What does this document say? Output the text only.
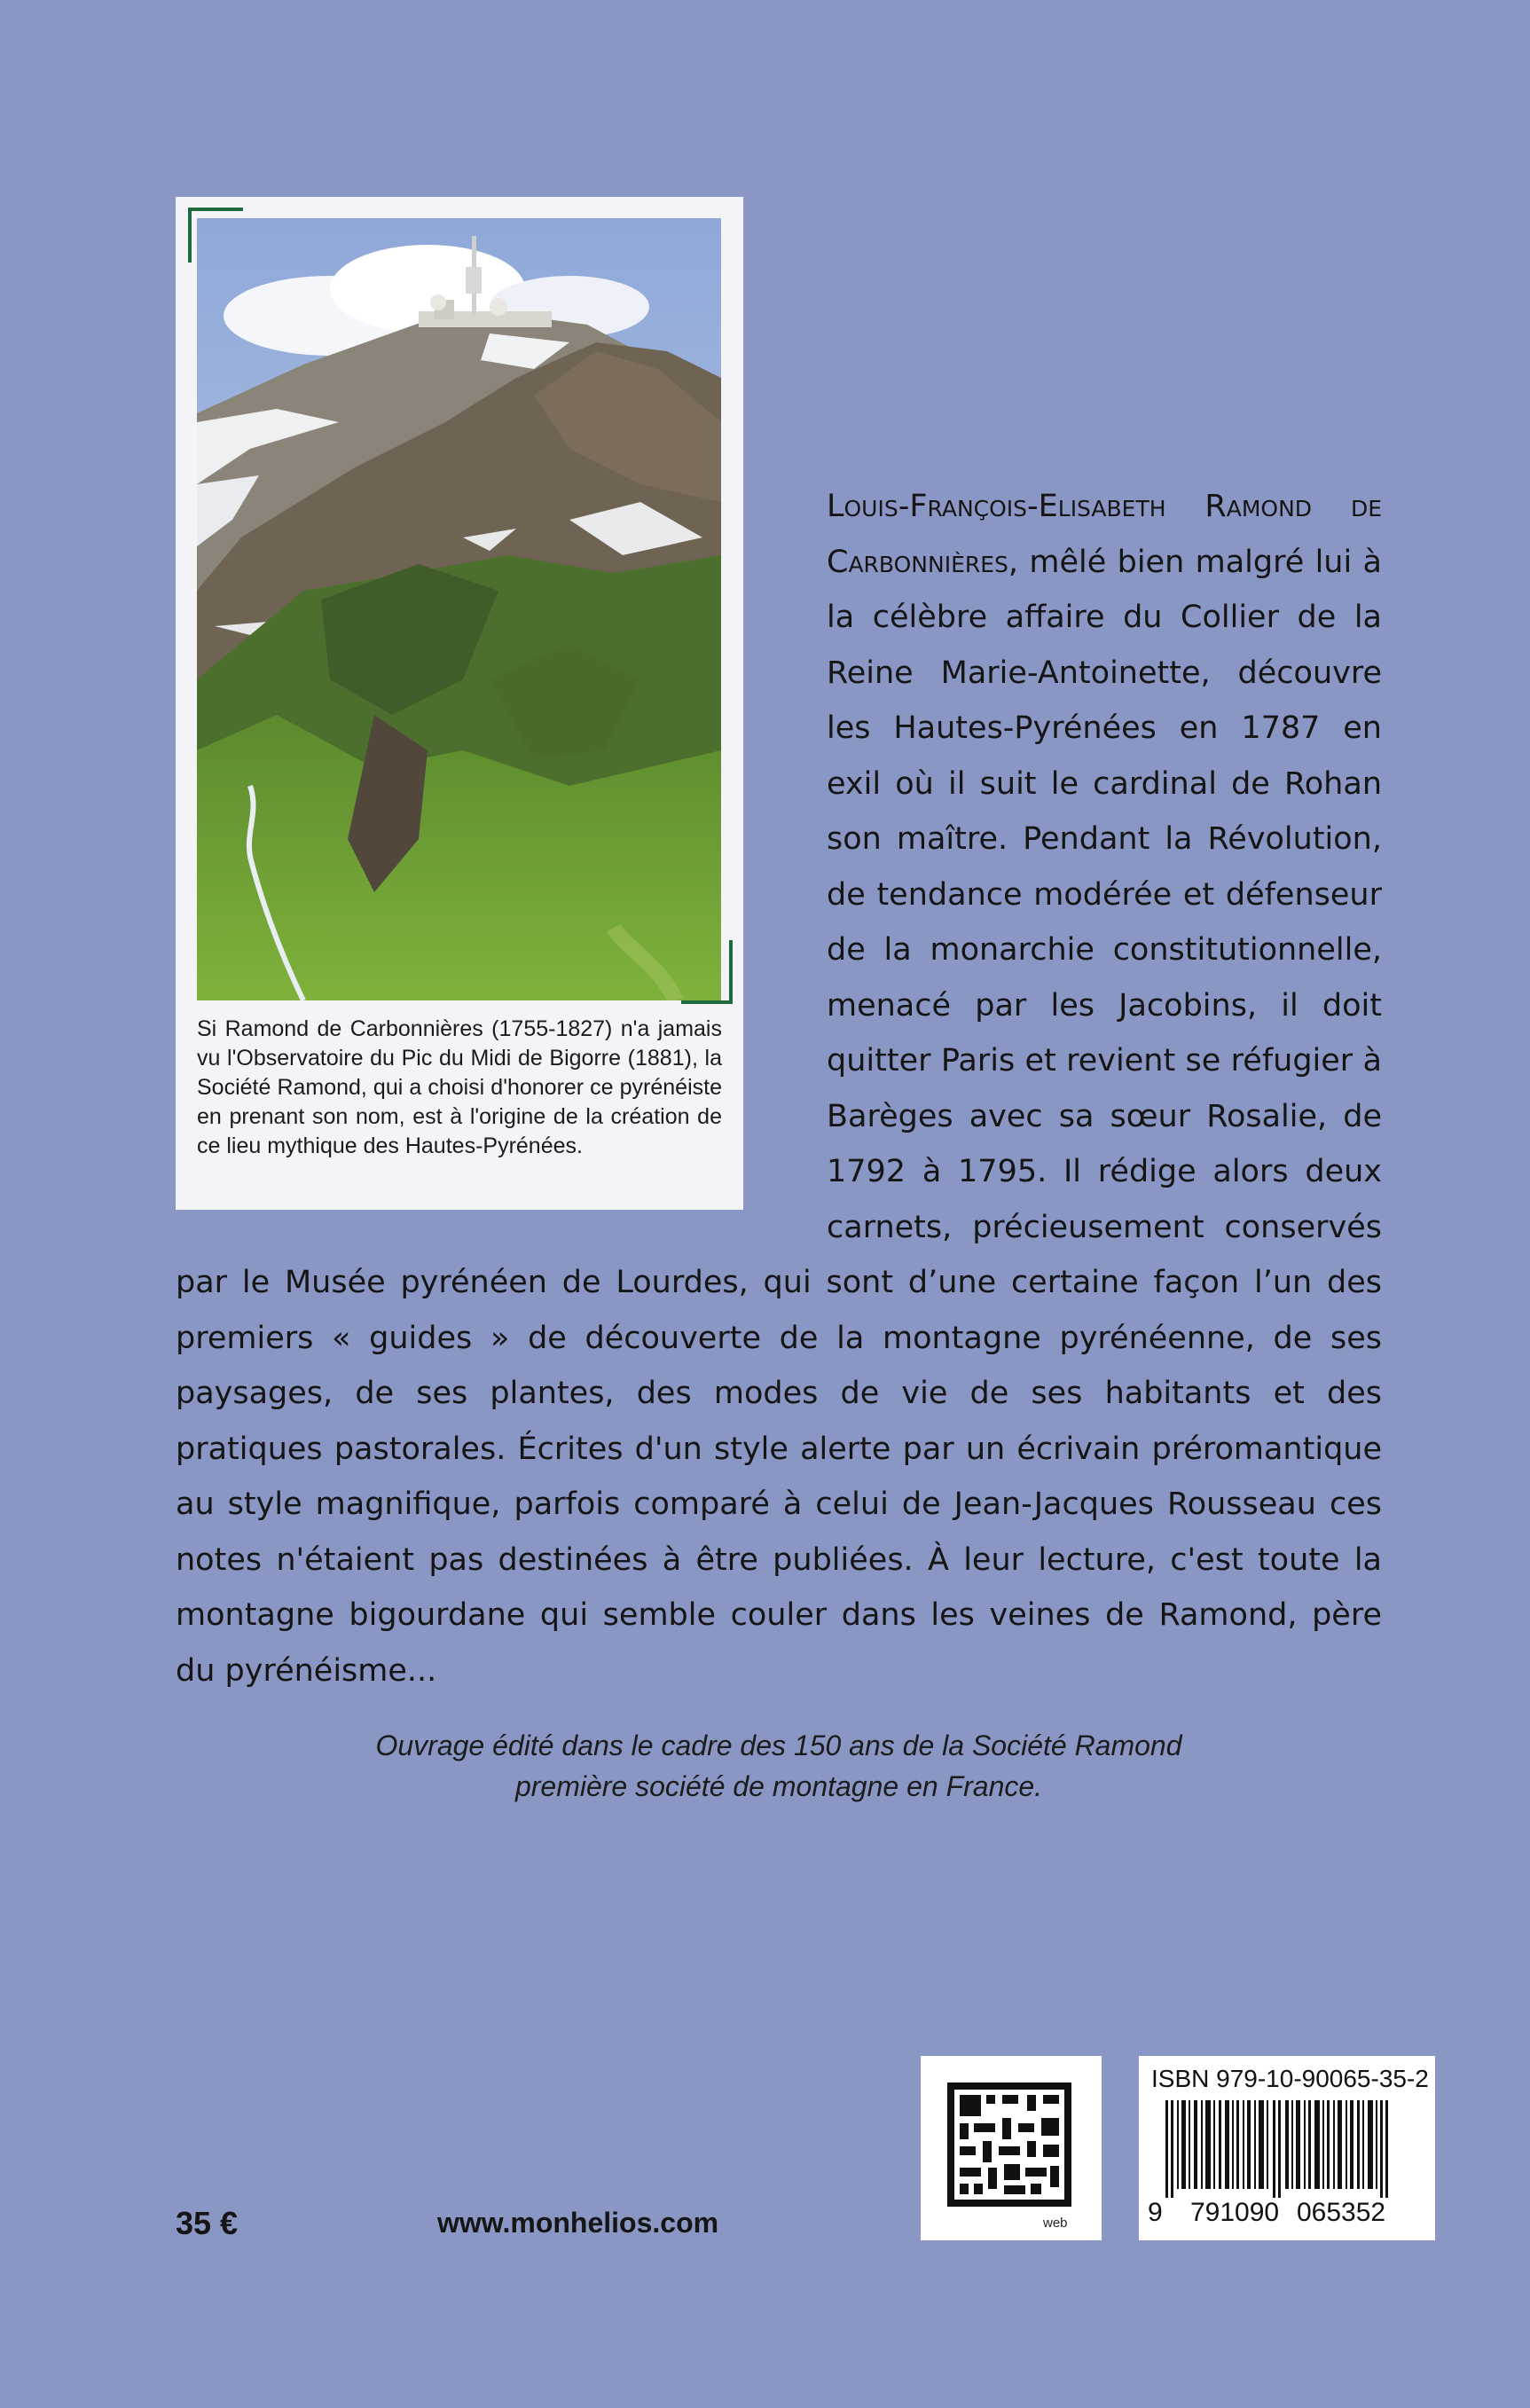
Si Ramond de Carbonnières (1755-1827) n'a jamais vu l'Observatoire du Pic du Midi de Bigorre (1881), la Société Ramond, qui a choisi d'honorer ce pyrénéiste en prenant son nom, est à l'origine de la création de ce lieu mythique des Hautes-Pyrénées.

Louis-François-Elisabeth Ramond de Carbonnières, mêlé bien malgré lui à la célèbre affaire du Collier de la Reine Marie-Antoinette, découvre les Hautes-Pyrénées en 1787 en exil où il suit le cardinal de Rohan son maître. Pendant la Révolution, de tendance modérée et défenseur de la monarchie constitutionnelle, menacé par les Jacobins, il doit quitter Paris et revient se réfugier à Barèges avec sa sœur Rosalie, de 1792 à 1795. Il rédige alors deux carnets, précieusement conservés par le Musée pyrénéen de Lourdes, qui sont d’une certaine façon l’un des premiers « guides » de découverte de la montagne pyrénéenne, de ses paysages, de ses plantes, des modes de vie de ses habitants et des pratiques pastorales. Écrites d'un style alerte par un écrivain préromantique au style magnifique, parfois comparé à celui de Jean-Jacques Rousseau ces notes n'étaient pas destinées à être publiées. À leur lecture, c'est toute la montagne bigourdane qui semble couler dans les veines de Ramond, père du pyrénéisme...

Ouvrage édité dans le cadre des 150 ans de la Société Ramond
première société de montagne en France.
35 €	www.monhelios.com	web
ISBN 979-10-90065-35-2
9 791090 065352
